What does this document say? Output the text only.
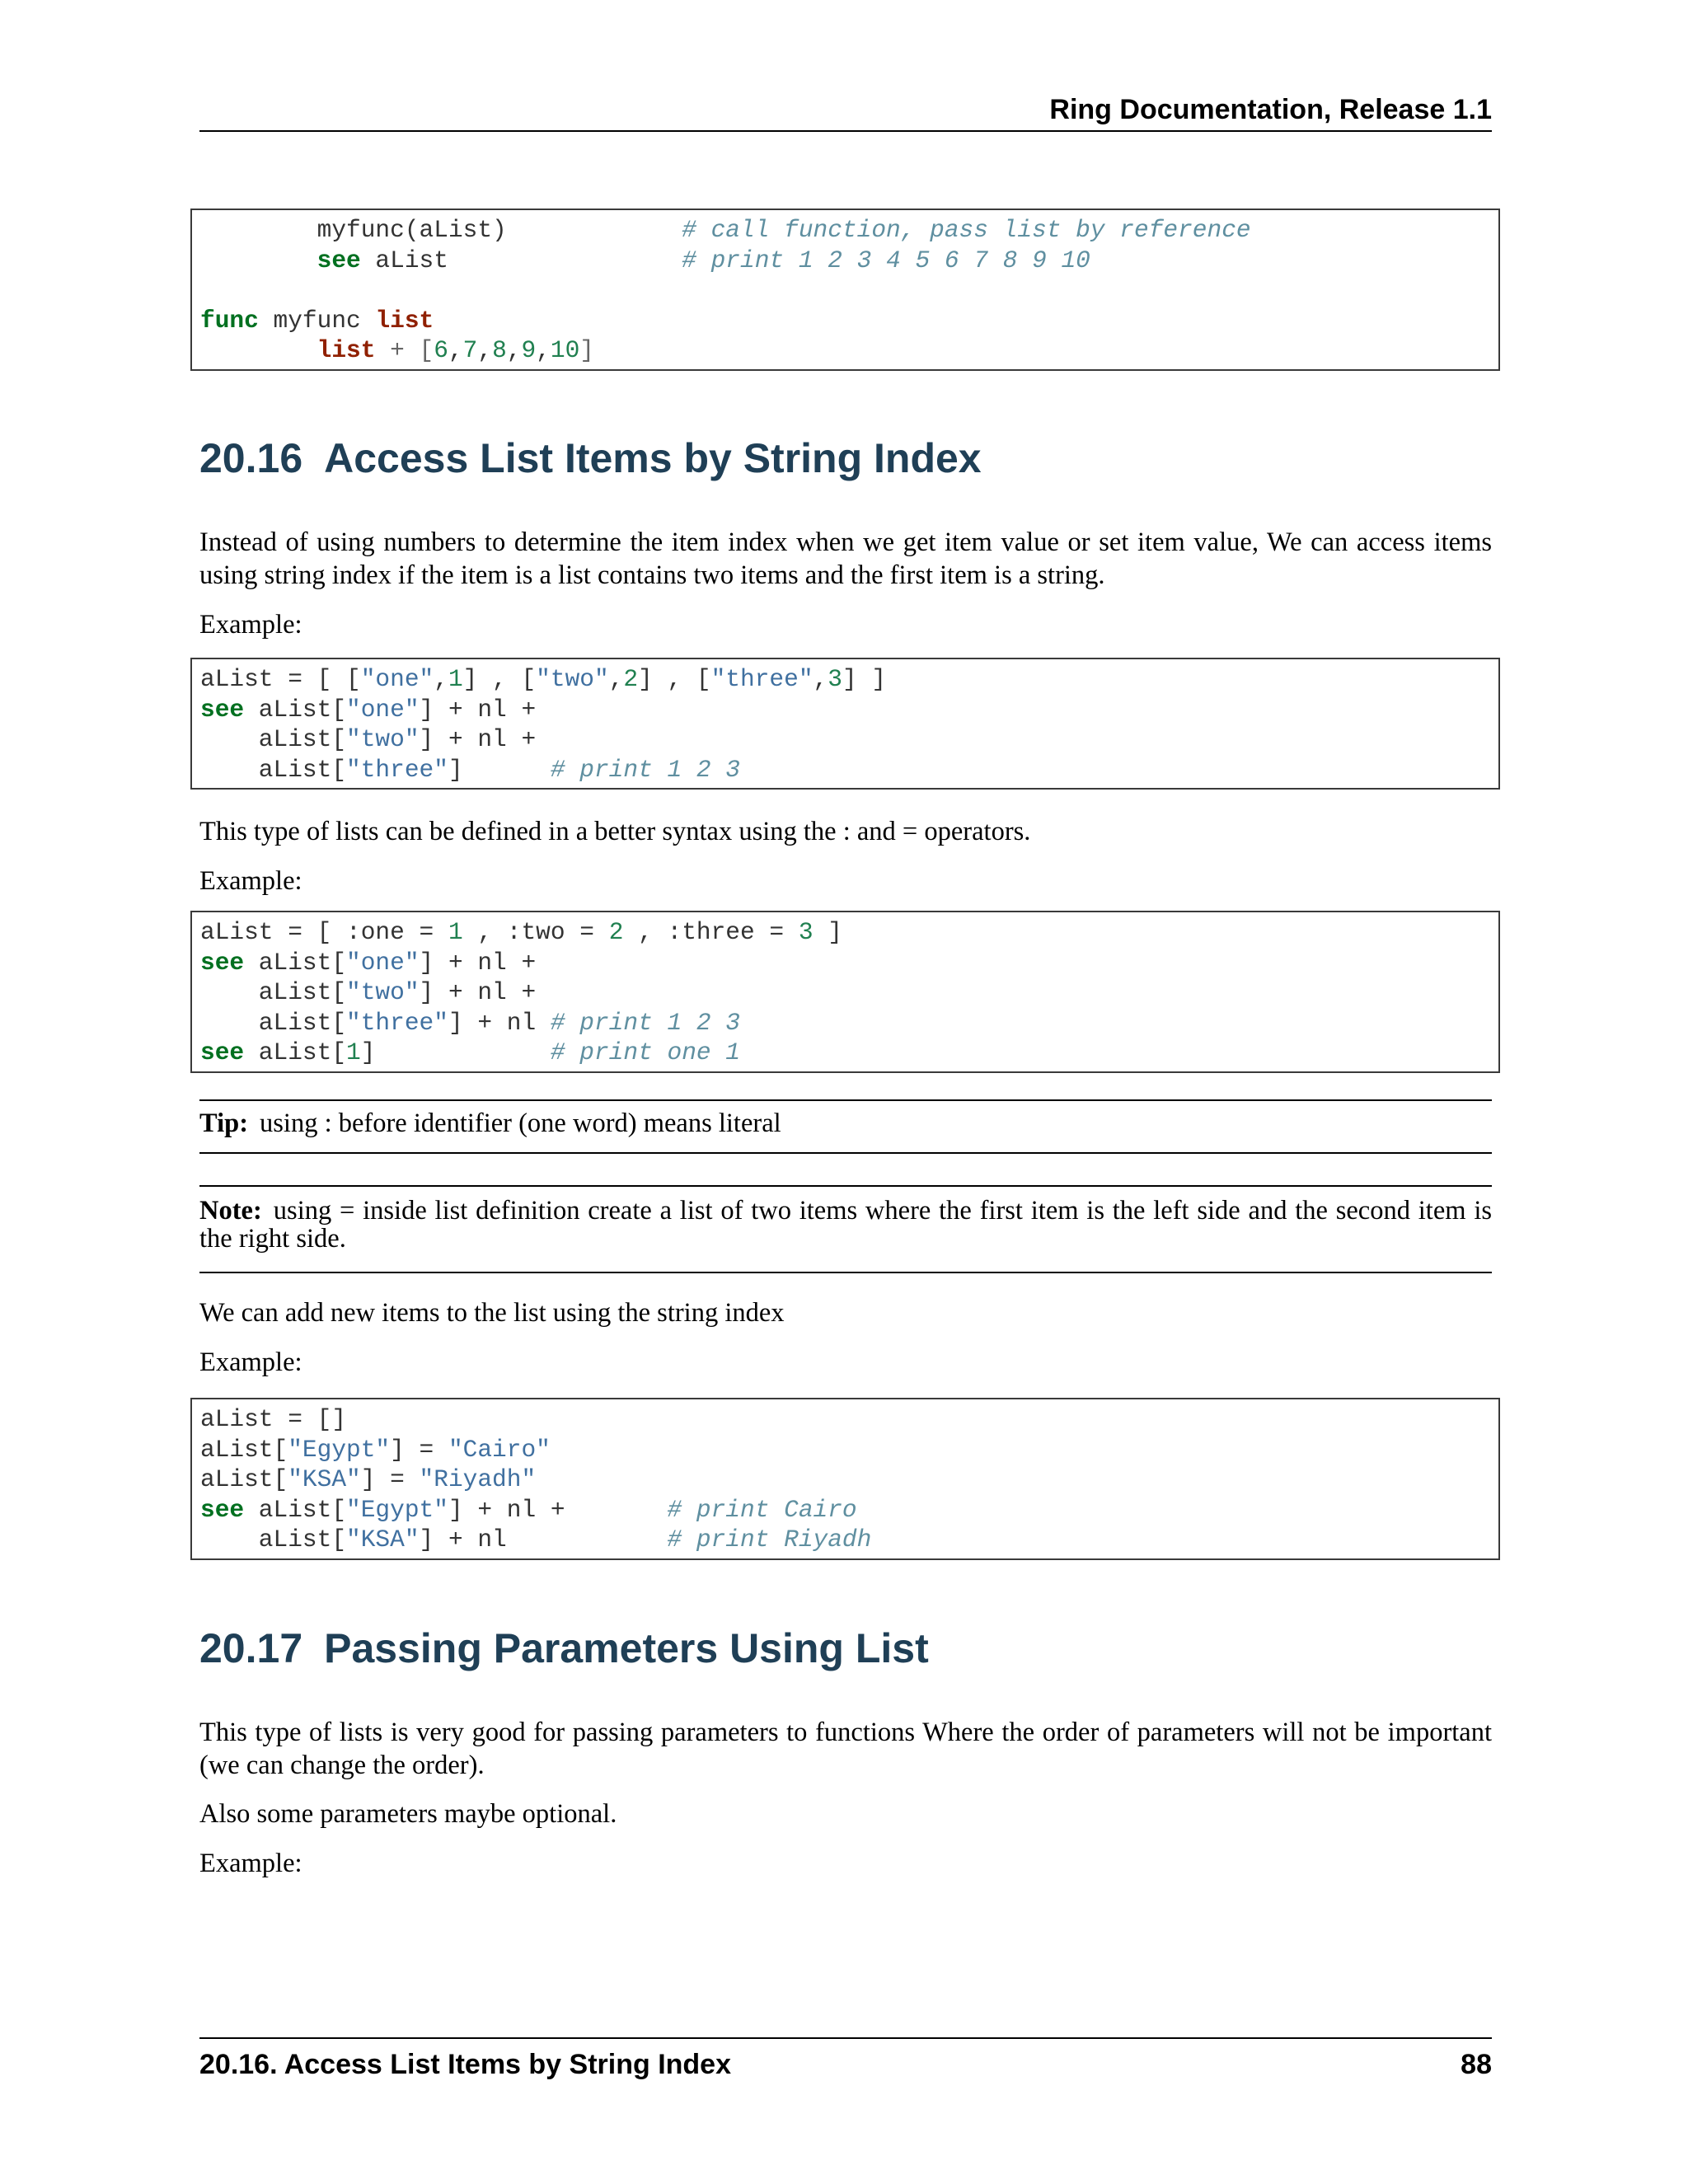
Ring Documentation, Release 1.1
myfunc(aList)            # call function, pass list by reference
see aList                # print 1 2 3 4 5 6 7 8 9 10

func myfunc list
list + [6,7,8,9,10]
20.16 Access List Items by String Index
Instead of using numbers to determine the item index when we get item value or set item value, We can access items using string index if the item is a list contains two items and the first item is a string.
Example:
aList = [ ["one",1] , ["two",2] , ["three",3] ]
see aList["one"] + nl +
aList["two"] + nl +
aList["three"]      # print 1 2 3
This type of lists can be defined in a better syntax using the : and = operators.
Example:
aList = [ :one = 1 , :two = 2 , :three = 3 ]
see aList["one"] + nl +
aList["two"] + nl +
aList["three"] + nl # print 1 2 3
see aList[1]            # print one 1
Tip: using : before identifier (one word) means literal
Note: using = inside list definition create a list of two items where the first item is the left side and the second item is the right side.
We can add new items to the list using the string index
Example:
aList = []
aList["Egypt"] = "Cairo"
aList["KSA"] = "Riyadh"
see aList["Egypt"] + nl +       # print Cairo
aList["KSA"] + nl           # print Riyadh
20.17 Passing Parameters Using List
This type of lists is very good for passing parameters to functions Where the order of parameters will not be important (we can change the order).
Also some parameters maybe optional.
Example:
20.16. Access List Items by String Index	88
